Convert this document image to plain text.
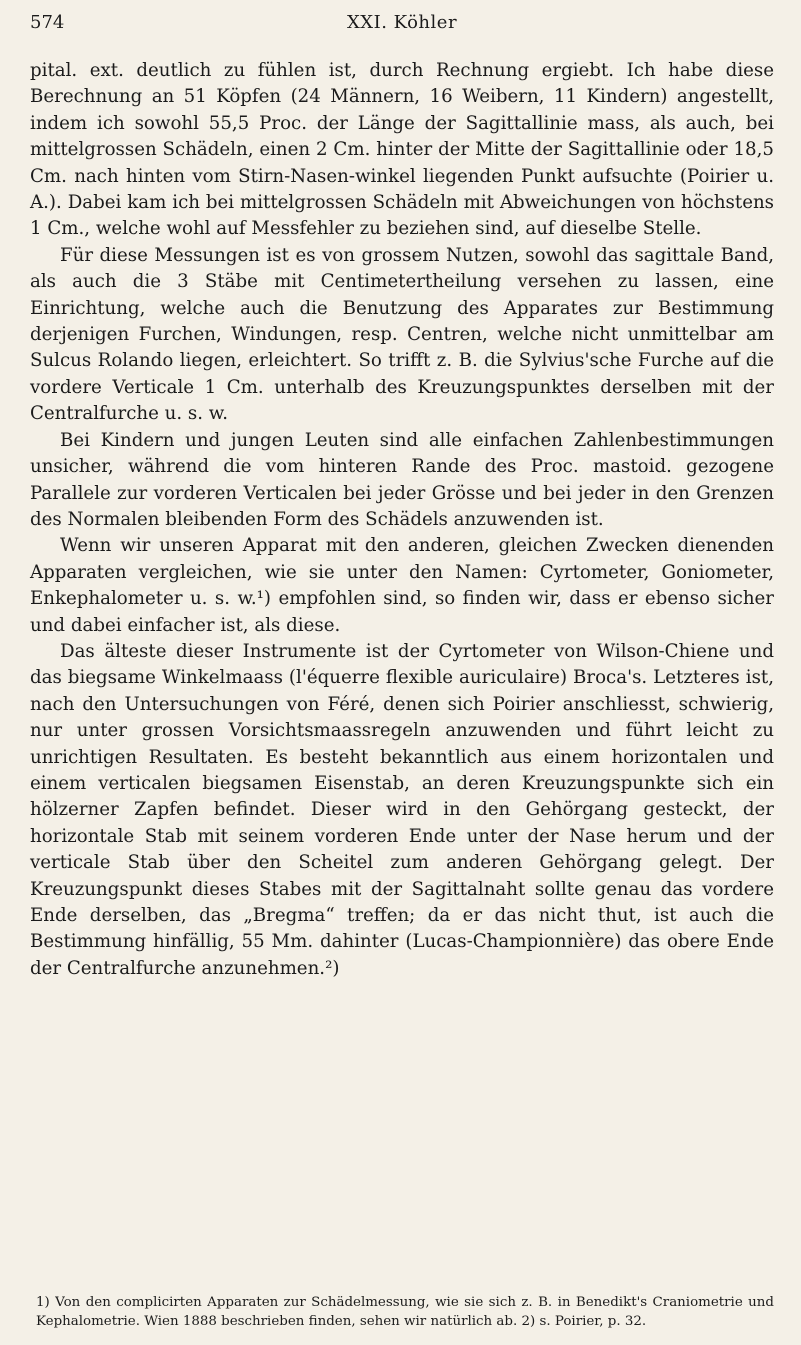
574	XXI. Köhler

pital. ext. deutlich zu fühlen ist, durch Rechnung ergiebt. Ich habe diese Berechnung an 51 Köpfen (24 Männern, 16 Weibern, 11 Kindern) angestellt, indem ich sowohl 55,5 Proc. der Länge der Sagittallinie mass, als auch, bei mittelgrossen Schädeln, einen 2 Cm. hinter der Mitte der Sagittallinie oder 18,5 Cm. nach hinten vom Stirn-Nasen-winkel liegenden Punkt aufsuchte (Poirier u. A.). Dabei kam ich bei mittelgrossen Schädeln mit Abweichungen von höchstens 1 Cm., welche wohl auf Messfehler zu beziehen sind, auf dieselbe Stelle.

Für diese Messungen ist es von grossem Nutzen, sowohl das sagittale Band, als auch die 3 Stäbe mit Centimetertheilung versehen zu lassen, eine Einrichtung, welche auch die Benutzung des Apparates zur Bestimmung derjenigen Furchen, Windungen, resp. Centren, welche nicht unmittelbar am Sulcus Rolando liegen, erleichtert. So trifft z. B. die Sylvius'sche Furche auf die vordere Verticale 1 Cm. unterhalb des Kreuzungspunktes derselben mit der Centralfurche u. s. w.

Bei Kindern und jungen Leuten sind alle einfachen Zahlenbestimmungen unsicher, während die vom hinteren Rande des Proc. mastoid. gezogene Parallele zur vorderen Verticalen bei jeder Grösse und bei jeder in den Grenzen des Normalen bleibenden Form des Schädels anzuwenden ist.

Wenn wir unseren Apparat mit den anderen, gleichen Zwecken dienenden Apparaten vergleichen, wie sie unter den Namen: Cyrtometer, Goniometer, Enkephalometer u. s. w.¹) empfohlen sind, so finden wir, dass er ebenso sicher und dabei einfacher ist, als diese.

Das älteste dieser Instrumente ist der Cyrtometer von Wilson-Chiene und das biegsame Winkelmaass (l'équerre flexible auriculaire) Broca's. Letzteres ist, nach den Untersuchungen von Féré, denen sich Poirier anschliesst, schwierig, nur unter grossen Vorsichtsmaassregeln anzuwenden und führt leicht zu unrichtigen Resultaten. Es besteht bekanntlich aus einem horizontalen und einem verticalen biegsamen Eisenstab, an deren Kreuzungspunkte sich ein hölzerner Zapfen befindet. Dieser wird in den Gehörgang gesteckt, der horizontale Stab mit seinem vorderen Ende unter der Nase herum und der verticale Stab über den Scheitel zum anderen Gehörgang gelegt. Der Kreuzungspunkt dieses Stabes mit der Sagittalnaht sollte genau das vordere Ende derselben, das „Bregma“ treffen; da er das nicht thut, ist auch die Bestimmung hinfällig, 55 Mm. dahinter (Lucas-Championnière) das obere Ende der Centralfurche anzunehmen.²)

1) Von den complicirten Apparaten zur Schädelmessung, wie sie sich z. B. in Benedikt's Craniometrie und Kephalometrie. Wien 1888 beschrieben finden, sehen wir natürlich ab. 2) s. Poirier, p. 32.
